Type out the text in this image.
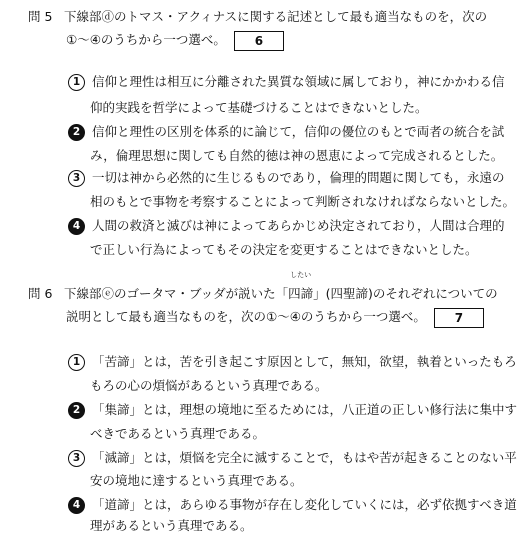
問 5 下線部ⓓのトマス・アクィナスに関する記述として最も適当なものを，次の
①〜④のうちから一つ選べ。 6
1 信仰と理性は相互に分離された異質な領域に属しており，神にかかわる信
仰的実践を哲学によって基礎づけることはできないとした。
2 信仰と理性の区別を体系的に論じて，信仰の優位のもとで両者の統合を試
み，倫理思想に関しても自然的徳は神の恩恵によって完成されるとした。
3 一切は神から必然的に生じるものであり，倫理的問題に関しても，永遠の
相のもとで事物を考察することによって判断されなければならないとした。
4 人間の救済と滅びは神によってあらかじめ決定されており，人間は合理的
で正しい行為によってもその決定を変更することはできないとした。
問 6 下線部ⓔのゴータマ・ブッダが説いた「
したい
四諦」(四聖諦)のそれぞれについての
説明として最も適当なものを，次の①〜④のうちから一つ選べ。 7
1 「苦諦」とは，苦を引き起こす原因として，無知，欲望，執着といったもろ
もろの心の煩悩があるという真理である。
2 「集諦」とは，理想の境地に至るためには，八正道の正しい修行法に集中す
べきであるという真理である。
3 「滅諦」とは，煩悩を完全に滅することで，もはや苦が起きることのない平
安の境地に達するという真理である。
4 「道諦」とは，あらゆる事物が存在し変化していくには，必ず依拠すべき道
理があるという真理である。
